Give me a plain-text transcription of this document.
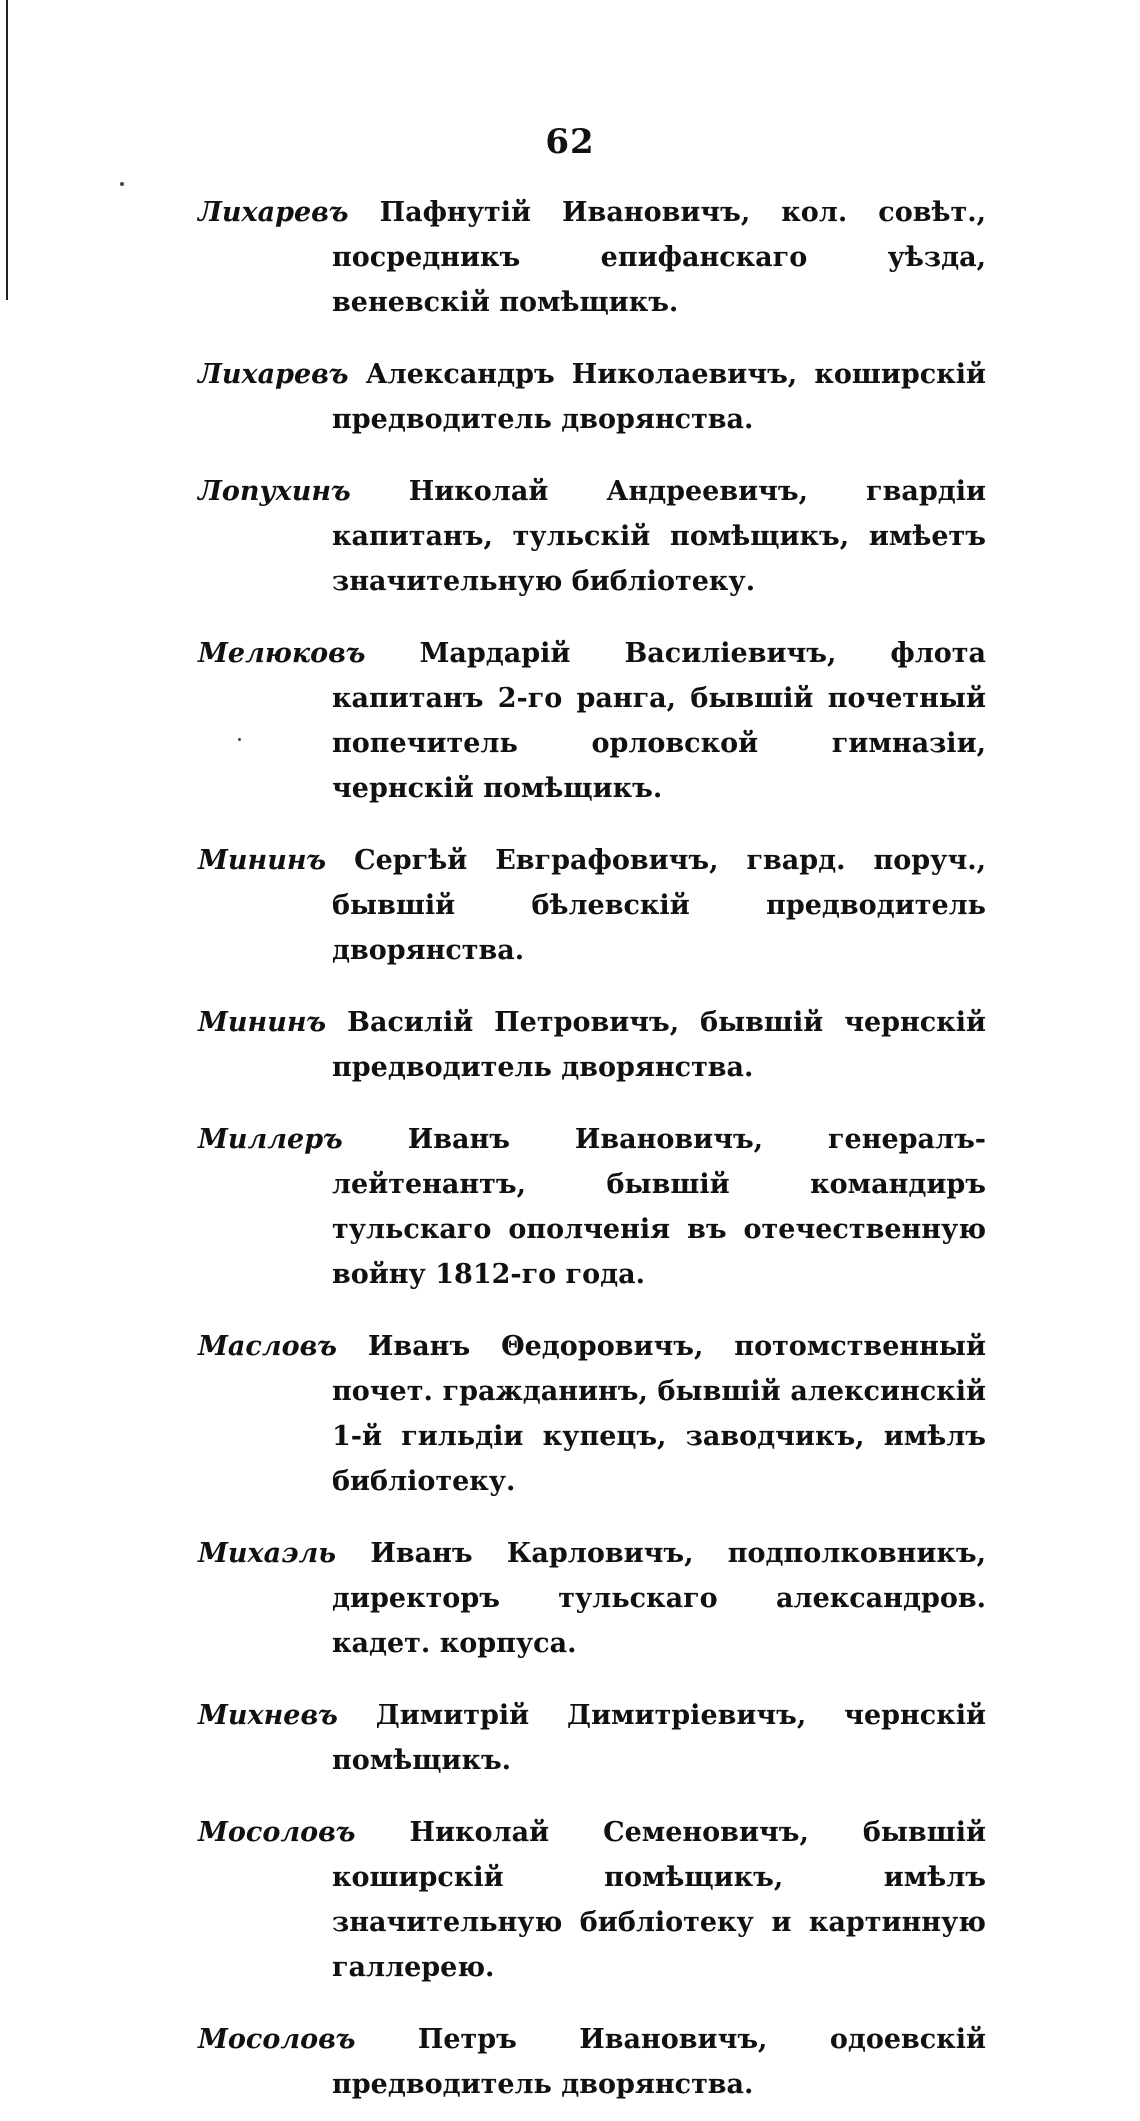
62

Лихаревъ Пафнутій Ивановичъ, кол. совѣт., посредникъ епифанскаго уѣзда, веневскій помѣщикъ.

Лихаревъ Александръ Николаевичъ, коширскій предводитель дворянства.

Лопухинъ Николай Андреевичъ, гвардіи капитанъ, тульскій помѣщикъ, имѣетъ значительную библіотеку.

Мелюковъ Мардарій Василіевичъ, флота капитанъ 2-го ранга, бывшій почетный попечитель орловской гимназіи, чернскій помѣщикъ.

Мининъ Сергѣй Евграфовичъ, гвард. поруч., бывшій бѣлевскій предводитель дворянства.

Мининъ Василій Петровичъ, бывшій чернскій предводитель дворянства.

Миллеръ Иванъ Ивановичъ, генералъ-лейтенантъ, бывшій командиръ тульскаго ополченія въ отечественную войну 1812-го года.

Масловъ Иванъ Θедоровичъ, потомственный почет. гражданинъ, бывшій алексинскій 1-й гильдіи купецъ, заводчикъ, имѣлъ библіотеку.

Михаэль Иванъ Карловичъ, подполковникъ, директоръ тульскаго александров. кадет. корпуса.

Михневъ Димитрій Димитріевичъ, чернскій помѣщикъ.

Мосоловъ Николай Семеновичъ, бывшій коширскій помѣщикъ, имѣлъ значительную библіотеку и картинную галлерею.

Мосоловъ Петръ Ивановичъ, одоевскій предводитель дворянства.
